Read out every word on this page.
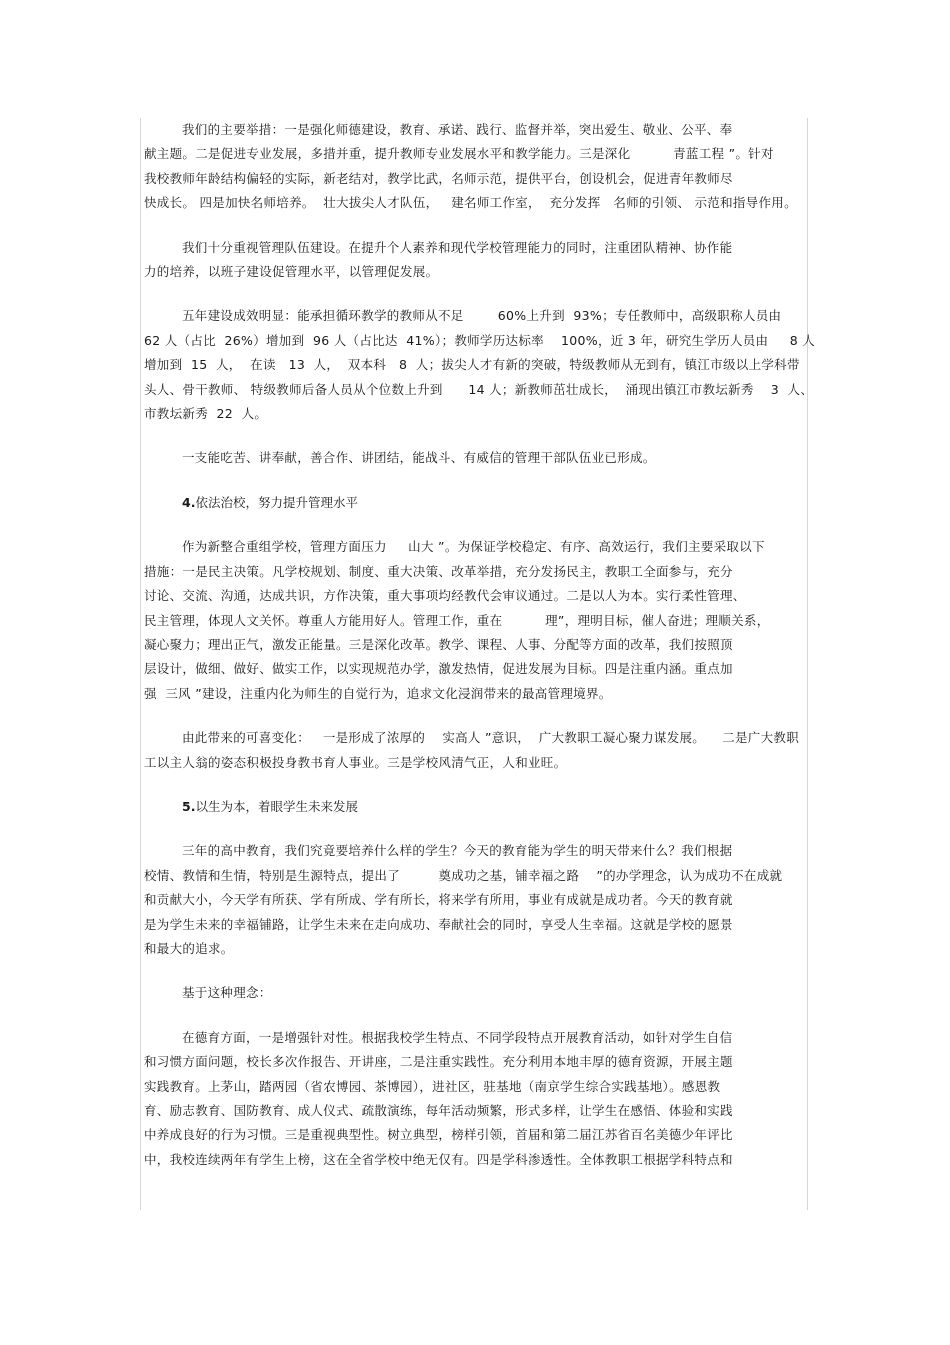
我们的主要举措：一是强化师德建设，教育、承诺、践行、监督并举，突出爱生、敬业、公平、奉
献主题。二是促进专业发展，多措并重，提升教师专业发展水平和教学能力。三是深化          青蓝工程 ”。针对
我校教师年龄结构偏轻的实际，新老结对，教学比武，名师示范，提供平台，创设机会，促进青年教师尽
快成长。 四是加快名师培养。  壮大拔尖人才队伍，   建名师工作室，  充分发挥   名师的引领、 示范和指导作用。
我们十分重视管理队伍建设。在提升个人素养和现代学校管理能力的同时，注重团队精神、协作能
力的培养，以班子建设促管理水平，以管理促发展。
五年建设成效明显：能承担循环教学的教师从不足        60%上升到  93%；专任教师中，高级职称人员由
62 人（占比  26%）增加到  96 人（占比达  41%）；教师学历达标率    100%，近 3 年，研究生学历人员由     8 人
增加到  15  人，  在读   13  人，  双本科   8  人；拔尖人才有新的突破，特级教师从无到有，镇江市级以上学科带
头人、骨干教师、 特级教师后备人员从个位数上升到      14 人；新教师茁壮成长，  涌现出镇江市教坛新秀    3  人、
市教坛新秀  22  人。
一支能吃苦、讲奉献，善合作、讲团结，能战斗、有威信的管理干部队伍业已形成。
4.依法治校，努力提升管理水平
作为新整合重组学校，管理方面压力     山大 ”。为保证学校稳定、有序、高效运行，我们主要采取以下
措施：一是民主决策。凡学校规划、制度、重大决策、改革举措，充分发扬民主，教职工全面参与，充分
讨论、交流、沟通，达成共识，方作决策，重大事项均经教代会审议通过。二是以人为本。实行柔性管理、
民主管理，体现人文关怀。尊重人方能用好人。管理工作，重在          理”，理明目标，催人奋进；理顺关系，
凝心聚力；理出正气，激发正能量。三是深化改革。教学、课程、人事、分配等方面的改革，我们按照顶
层设计，做细、做好、做实工作，以实现规范办学，激发热情，促进发展为目标。四是注重内涵。重点加
强  三风 ”建设，注重内化为师生的自觉行为，追求文化浸润带来的最高管理境界。
由此带来的可喜变化：   一是形成了浓厚的    实高人 ”意识，  广大教职工凝心聚力谋发展。    二是广大教职
工以主人翁的姿态积极投身教书育人事业。三是学校风清气正，人和业旺。
5.以生为本，着眼学生未来发展
三年的高中教育，我们究竟要培养什么样的学生？今天的教育能为学生的明天带来什么？我们根据
校情、教情和生情，特别是生源特点，提出了         奠成功之基，铺幸福之路    ”的办学理念，认为成功不在成就
和贡献大小，今天学有所获、学有所成、学有所长，将来学有所用，事业有成就是成功者。今天的教育就
是为学生未来的幸福铺路，让学生未来在走向成功、奉献社会的同时，享受人生幸福。这就是学校的愿景
和最大的追求。
基于这种理念：
在德育方面，一是增强针对性。根据我校学生特点、不同学段特点开展教育活动，如针对学生自信
和习惯方面问题，校长多次作报告、开讲座，二是注重实践性。充分利用本地丰厚的德育资源，开展主题
实践教育。上茅山，踏两园（省农博园、茶博园），进社区，驻基地（南京学生综合实践基地）。感恩教
育、励志教育、国防教育、成人仪式、疏散演练，每年活动频繁，形式多样，让学生在感悟、体验和实践
中养成良好的行为习惯。三是重视典型性。树立典型，榜样引领，首届和第二届江苏省百名美德少年评比
中，我校连续两年有学生上榜，这在全省学校中绝无仅有。四是学科渗透性。全体教职工根据学科特点和
